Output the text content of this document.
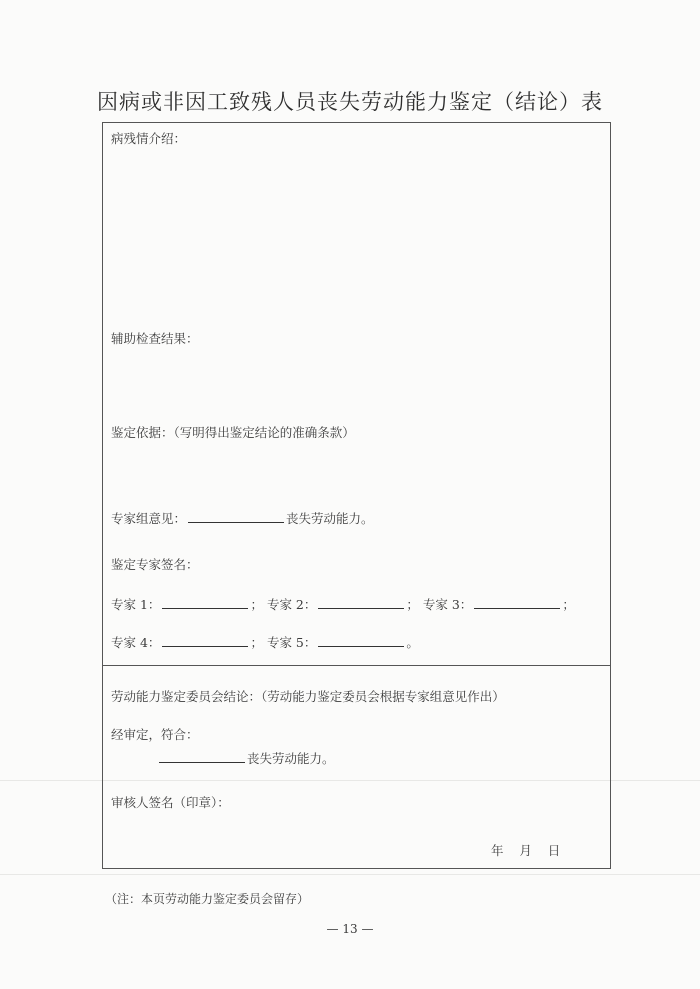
因病或非因工致残人员丧失劳动能力鉴定（结论）表
病残情介绍：
辅助检查结果：
鉴定依据：（写明得出鉴定结论的准确条款）
专家组意见：	丧失劳动能力。
鉴定专家签名：
专家 1：	； 专家 2：	； 专家 3：	；
专家 4：	； 专家 5：	。
劳动能力鉴定委员会结论：（劳动能力鉴定委员会根据专家组意见作出）
经审定，符合：
丧失劳动能力。
审核人签名（印章）：
年    月    日
（注：本页劳动能力鉴定委员会留存）
— 13 —
